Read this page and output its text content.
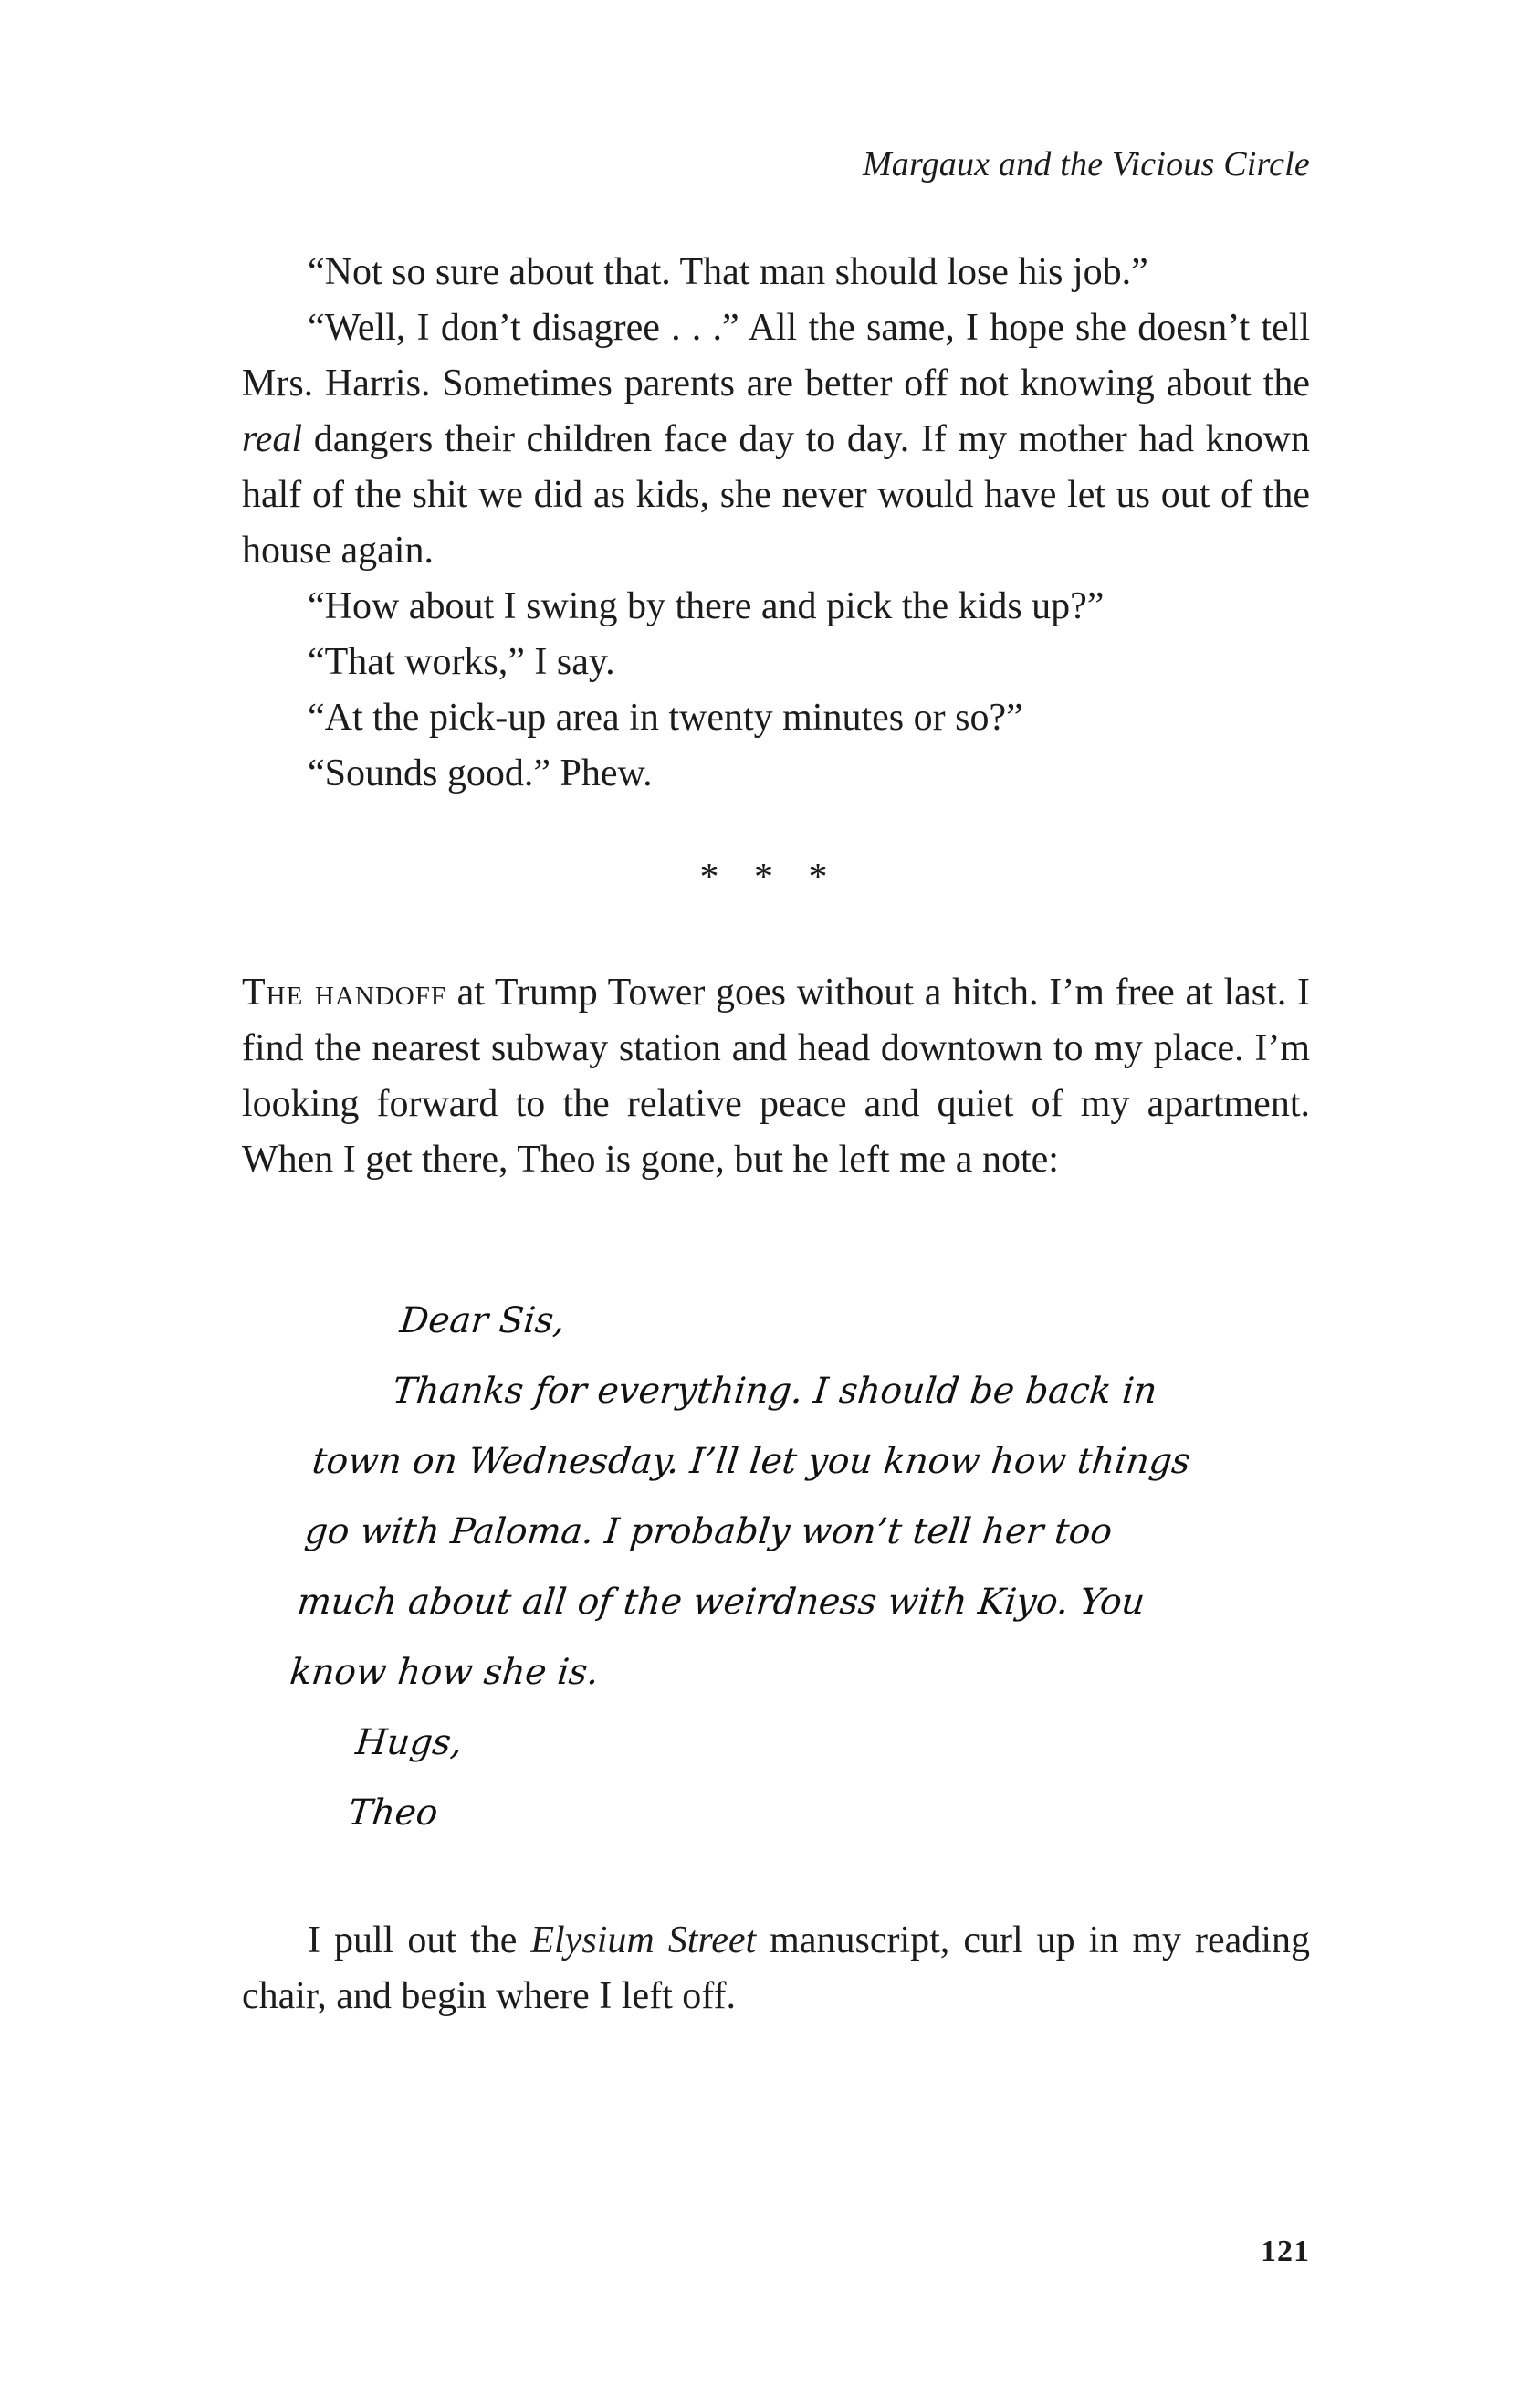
Margaux and the Vicious Circle

“Not so sure about that. That man should lose his job.”

“Well, I don’t disagree . . .” All the same, I hope she doesn’t tell Mrs. Harris. Sometimes parents are better off not knowing about the real dangers their children face day to day. If my mother had known half of the shit we did as kids, she never would have let us out of the house again.

“How about I swing by there and pick the kids up?”

“That works,” I say.

“At the pick-up area in twenty minutes or so?”

“Sounds good.” Phew.

* * *

The handoff at Trump Tower goes without a hitch. I’m free at last. I find the nearest subway station and head downtown to my place. I’m looking forward to the relative peace and quiet of my apartment. When I get there, Theo is gone, but he left me a note:

Dear Sis,
Thanks for everything. I should be back in
town on Wednesday. I’ll let you know how things
go with Paloma. I probably won’t tell her too
much about all of the weirdness with Kiyo. You
know how she is.
Hugs,
Theo

I pull out the Elysium Street manuscript, curl up in my reading chair, and begin where I left off.

121
